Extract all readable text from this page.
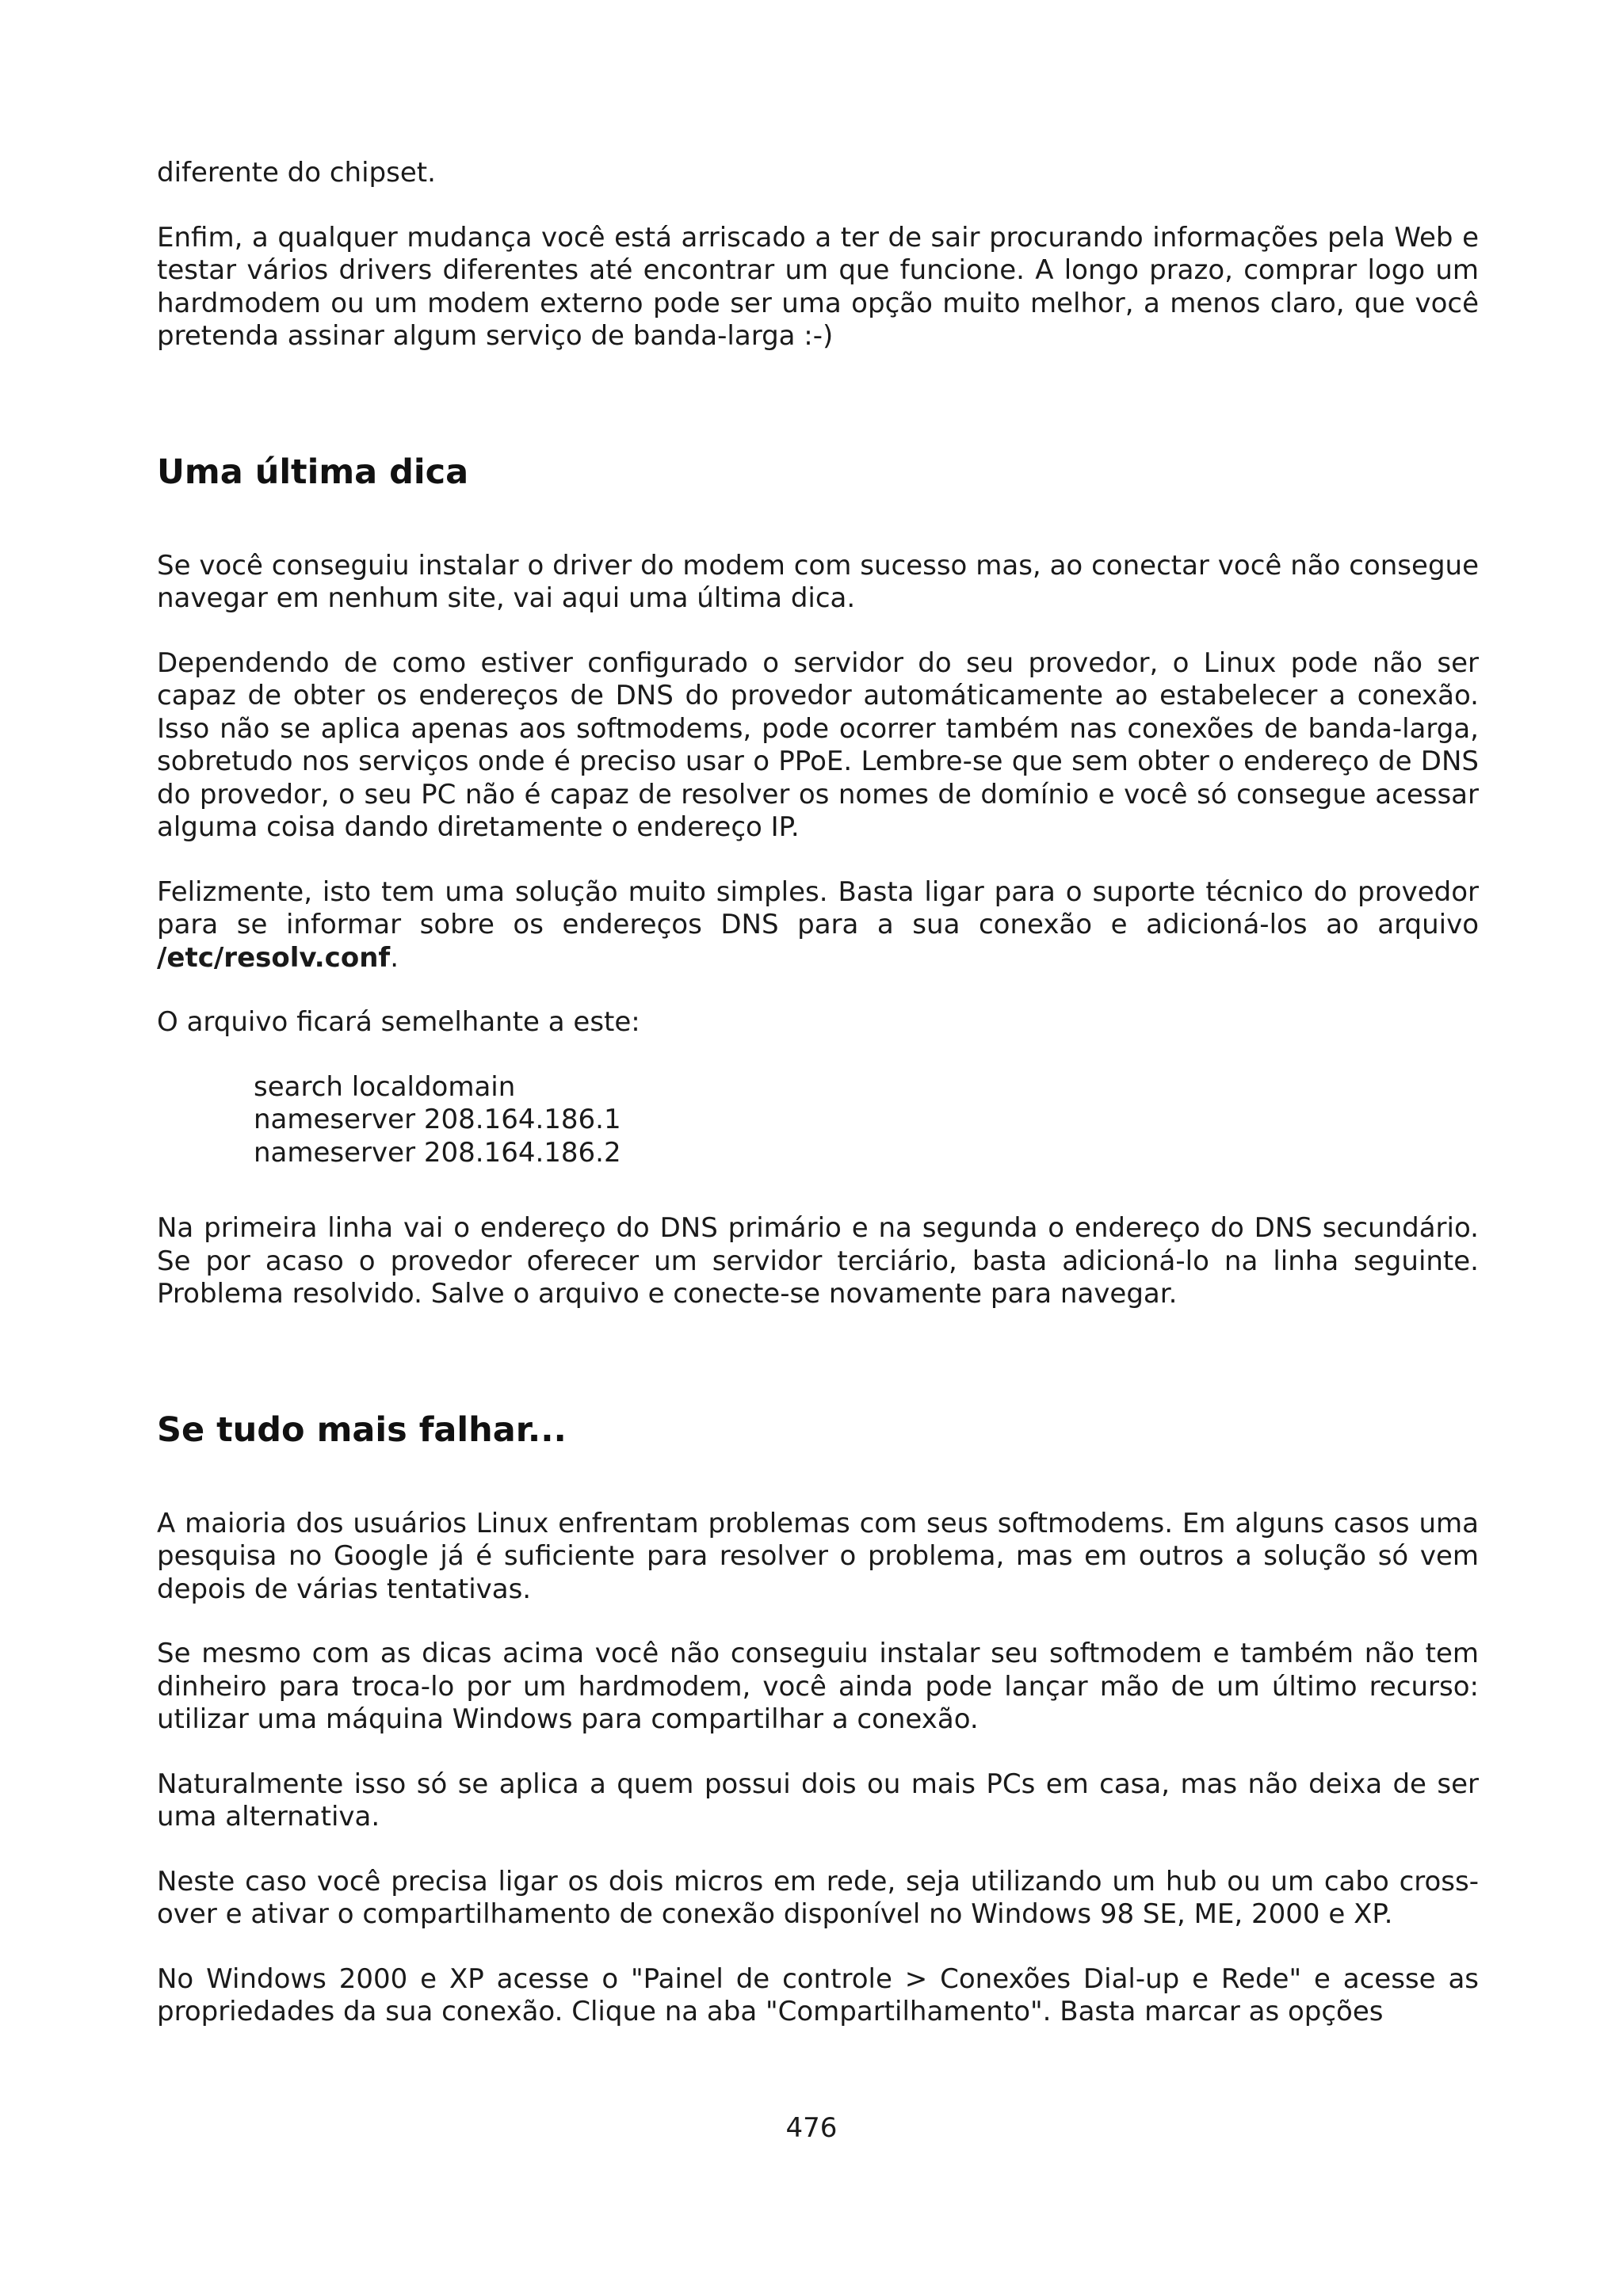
diferente do chipset.

Enfim, a qualquer mudança você está arriscado a ter de sair procurando informações pela Web e testar vários drivers diferentes até encontrar um que funcione. A longo prazo, comprar logo um hardmodem ou um modem externo pode ser uma opção muito melhor, a menos claro, que você pretenda assinar algum serviço de banda-larga :-)

Uma última dica

Se você conseguiu instalar o driver do modem com sucesso mas, ao conectar você não consegue navegar em nenhum site, vai aqui uma última dica.

Dependendo de como estiver configurado o servidor do seu provedor, o Linux pode não ser capaz de obter os endereços de DNS do provedor automáticamente ao estabelecer a conexão. Isso não se aplica apenas aos softmodems, pode ocorrer também nas conexões de banda-larga, sobretudo nos serviços onde é preciso usar o PPoE. Lembre-se que sem obter o endereço de DNS do provedor, o seu PC não é capaz de resolver os nomes de domínio e você só consegue acessar alguma coisa dando diretamente o endereço IP.

Felizmente, isto tem uma solução muito simples. Basta ligar para o suporte técnico do provedor para se informar sobre os endereços DNS para a sua conexão e adicioná-los ao arquivo /etc/resolv.conf.

O arquivo ficará semelhante a este:

search localdomain
nameserver 208.164.186.1
nameserver 208.164.186.2

Na primeira linha vai o endereço do DNS primário e na segunda o endereço do DNS secundário. Se por acaso o provedor oferecer um servidor terciário, basta adicioná-lo na linha seguinte. Problema resolvido. Salve o arquivo e conecte-se novamente para navegar.

Se tudo mais falhar...

A maioria dos usuários Linux enfrentam problemas com seus softmodems. Em alguns casos uma pesquisa no Google já é suficiente para resolver o problema, mas em outros a solução só vem depois de várias tentativas.

Se mesmo com as dicas acima você não conseguiu instalar seu softmodem e também não tem dinheiro para troca-lo por um hardmodem, você ainda pode lançar mão de um último recurso: utilizar uma máquina Windows para compartilhar a conexão.

Naturalmente isso só se aplica a quem possui dois ou mais PCs em casa, mas não deixa de ser uma alternativa.

Neste caso você precisa ligar os dois micros em rede, seja utilizando um hub ou um cabo cross-over e ativar o compartilhamento de conexão disponível no Windows 98 SE, ME, 2000 e XP.

No Windows 2000 e XP acesse o "Painel de controle > Conexões Dial-up e Rede" e acesse as propriedades da sua conexão. Clique na aba "Compartilhamento". Basta marcar as opções

476
